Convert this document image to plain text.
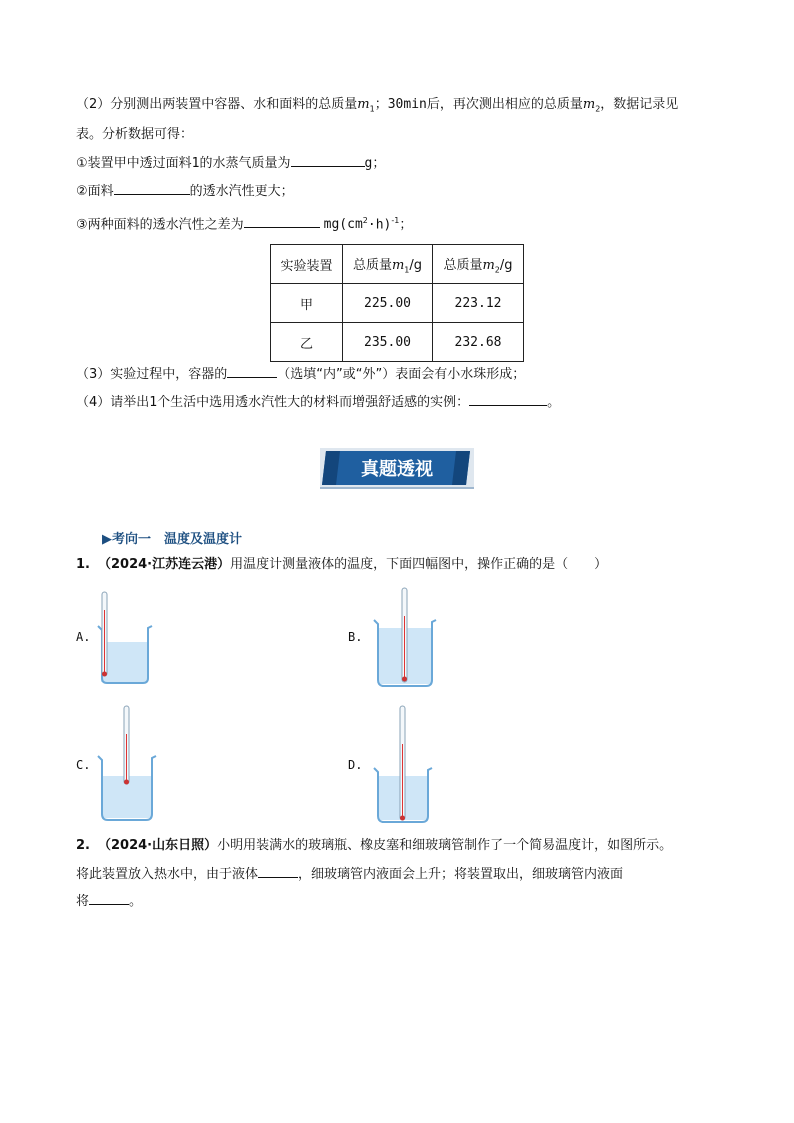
（2）分别测出两装置中容器、水和面料的总质量$m_1$；30min后，再次测出相应的总质量$m_2$，数据记录见
表。分析数据可得：
①装置甲中透过面料1的水蒸气质量为	g；
②面料	的透水汽性更大；
③两种面料的透水汽性之差为	$mg(cm^2\cdot h)^{-1}$；
实验装置	总质量$m_1/g$	总质量$m_2/g$
甲	225.00	223.12
乙	235.00	232.68
（3）实验过程中，容器的	（选填“内”或“外”）表面会有小水珠形成；
（4）请举出1个生活中选用透水汽性大的材料而增强舒适感的实例：	。
真题透视
▶考向一　温度及温度计
1. （2024·江苏连云港）用温度计测量液体的温度，下面四幅图中，操作正确的是（　　）
A.	B.
C.	D.
2. （2024·山东日照）小明用装满水的玻璃瓶、橡皮塞和细玻璃管制作了一个简易温度计，如图所示。
将此装置放入热水中，由于液体	，细玻璃管内液面会上升；将装置取出，细玻璃管内液面
将	。
